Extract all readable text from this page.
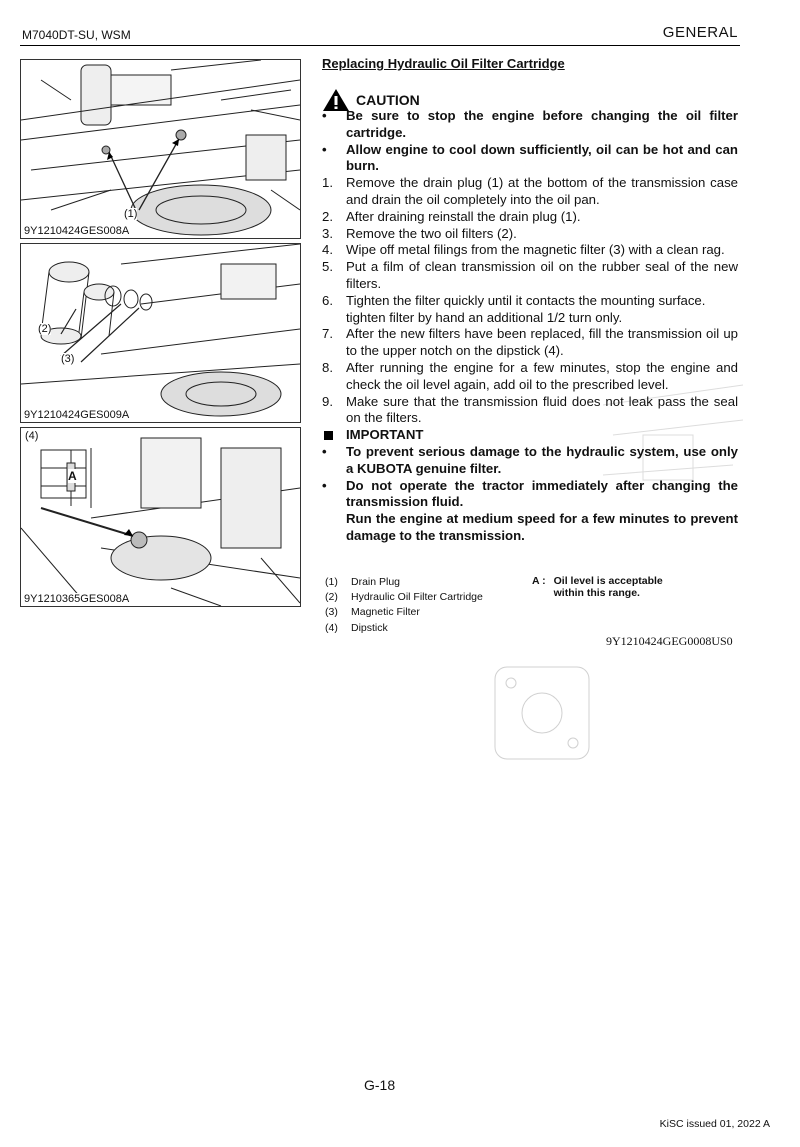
M7040DT-SU, WSM	GENERAL
(1)
9Y1210424GES008A
(2)
(3)
9Y1210424GES009A
(4)
A
9Y1210365GES008A
Replacing Hydraulic Oil Filter Cartridge
CAUTION
• Be sure to stop the engine before changing the oil filter cartridge.
• Allow engine to cool down sufficiently, oil can be hot and can burn.
1. Remove the drain plug (1) at the bottom of the transmission case and drain the oil completely into the oil pan.
2. After draining reinstall the drain plug (1).
3. Remove the two oil filters (2).
4. Wipe off metal filings from the magnetic filter (3) with a clean rag.
5. Put a film of clean transmission oil on the rubber seal of the new filters.
6. Tighten the filter quickly until it contacts the mounting surface. tighten filter by hand an additional 1/2 turn only.
7. After the new filters have been replaced, fill the transmission oil up to the upper notch on the dipstick (4).
8. After running the engine for a few minutes, stop the engine and check the oil level again, add oil to the prescribed level.
9. Make sure that the transmission fluid does not leak pass the seal on the filters.
IMPORTANT
• To prevent serious damage to the hydraulic system, use only a KUBOTA genuine filter.
• Do not operate the tractor immediately after changing the transmission fluid.
Run the engine at medium speed for a few minutes to prevent damage to the transmission.
(1)	Drain Plug
(2)	Hydraulic Oil Filter Cartridge
(3)	Magnetic Filter
(4)	Dipstick
A : Oil level is acceptable within this range.
9Y1210424GEG0008US0
G-18
KiSC issued 01, 2022 A
